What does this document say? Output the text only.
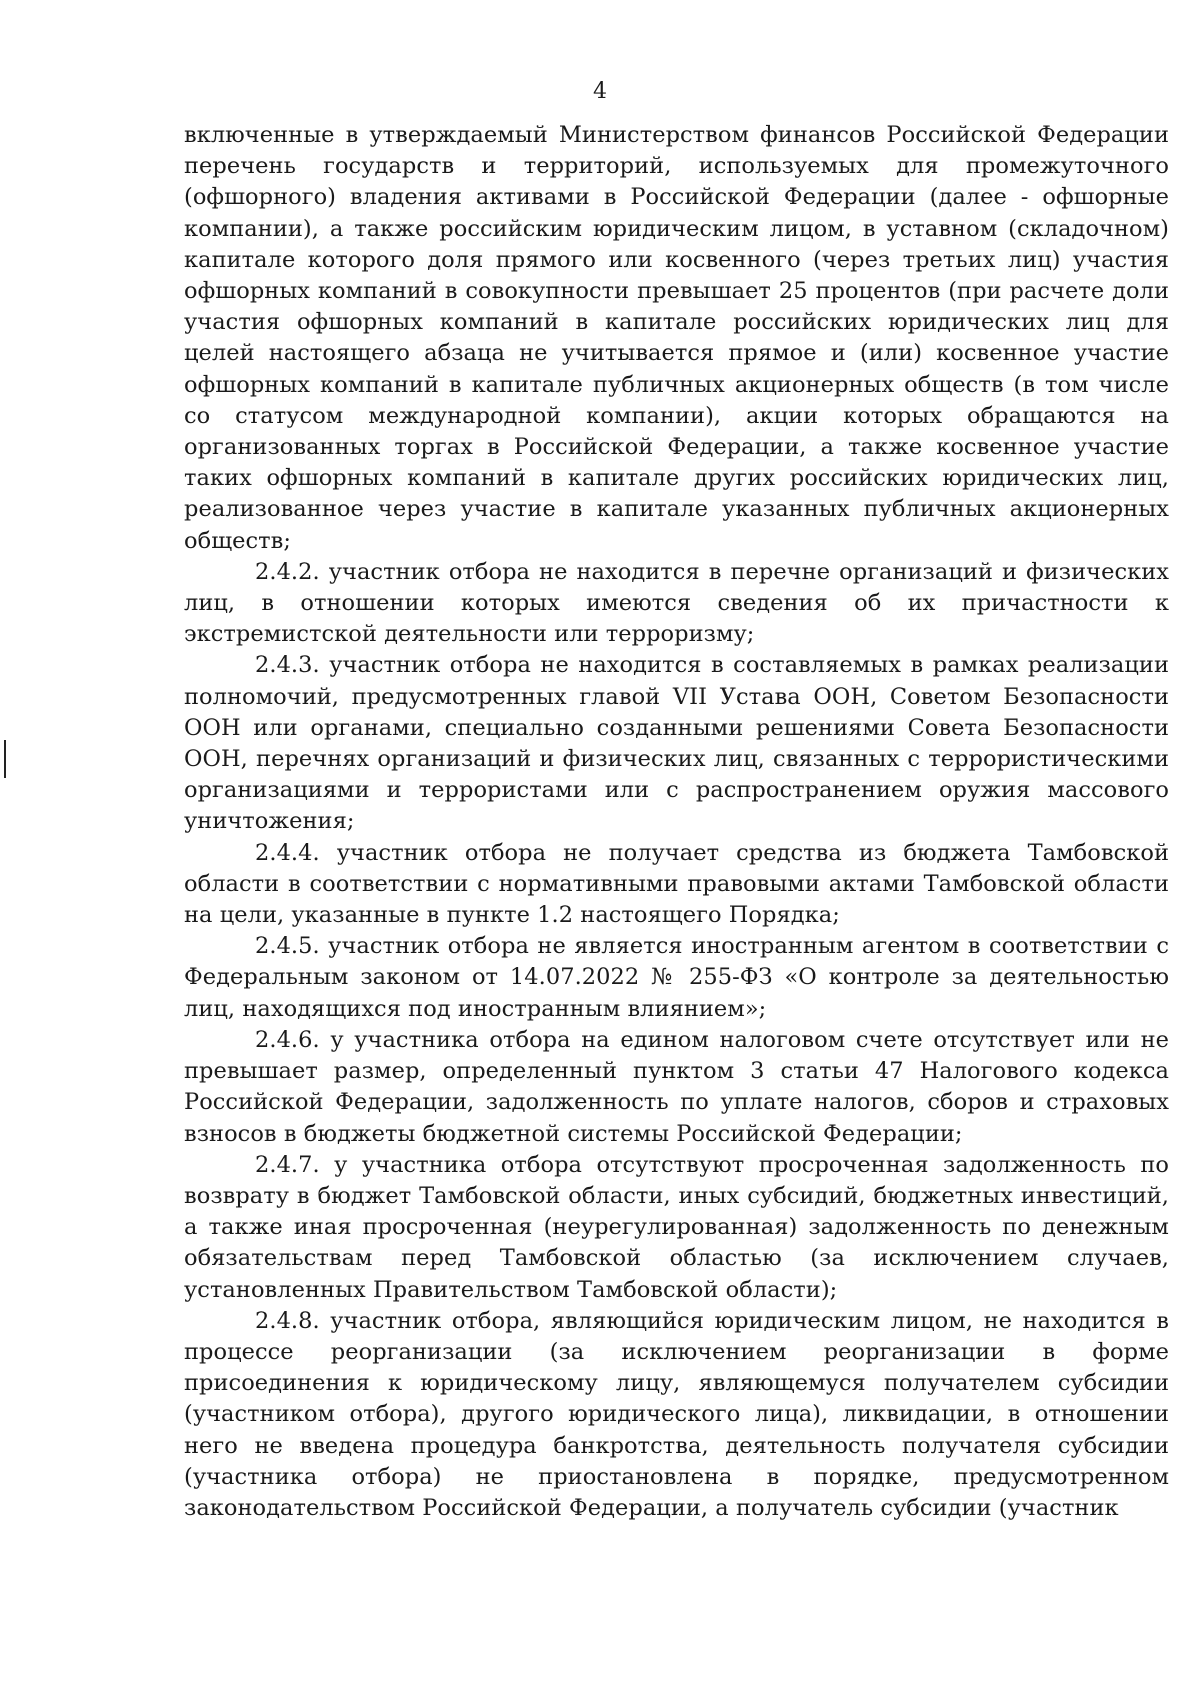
4

включенные в утверждаемый Министерством финансов Российской Федерации перечень государств и территорий, используемых для промежуточного (офшорного) владения активами в Российской Федерации (далее - офшорные компании), а также российским юридическим лицом, в уставном (складочном) капитале которого доля прямого или косвенного (через третьих лиц) участия офшорных компаний в совокупности превышает 25 процентов (при расчете доли участия офшорных компаний в капитале российских юридических лиц для целей настоящего абзаца не учитывается прямое и (или) косвенное участие офшорных компаний в капитале публичных акционерных обществ (в том числе со статусом международной компании), акции которых обращаются на организованных торгах в Российской Федерации, а также косвенное участие таких офшорных компаний в капитале других российских юридических лиц, реализованное через участие в капитале указанных публичных акционерных обществ;

2.4.2. участник отбора не находится в перечне организаций и физических лиц, в отношении которых имеются сведения об их причастности к экстремистской деятельности или терроризму;

2.4.3. участник отбора не находится в составляемых в рамках реализации полномочий, предусмотренных главой VII Устава ООН, Советом Безопасности ООН или органами, специально созданными решениями Совета Безопасности ООН, перечнях организаций и физических лиц, связанных с террористическими организациями и террористами или с распространением оружия массового уничтожения;

2.4.4. участник отбора не получает средства из бюджета Тамбовской области в соответствии с нормативными правовыми актами Тамбовской области на цели, указанные в пункте 1.2 настоящего Порядка;

2.4.5. участник отбора не является иностранным агентом в соответствии с Федеральным законом от 14.07.2022 № 255-ФЗ «О контроле за деятельностью лиц, находящихся под иностранным влиянием»;

2.4.6. у участника отбора на едином налоговом счете отсутствует или не превышает размер, определенный пунктом 3 статьи 47 Налогового кодекса Российской Федерации, задолженность по уплате налогов, сборов и страховых взносов в бюджеты бюджетной системы Российской Федерации;

2.4.7. у участника отбора отсутствуют просроченная задолженность по возврату в бюджет Тамбовской области, иных субсидий, бюджетных инвестиций, а также иная просроченная (неурегулированная) задолженность по денежным обязательствам перед Тамбовской областью (за исключением случаев, установленных Правительством Тамбовской области);

2.4.8. участник отбора, являющийся юридическим лицом, не находится в процессе реорганизации (за исключением реорганизации в форме присоединения к юридическому лицу, являющемуся получателем субсидии (участником отбора), другого юридического лица), ликвидации, в отношении него не введена процедура банкротства, деятельность получателя субсидии (участника отбора) не приостановлена в порядке, предусмотренном законодательством Российской Федерации, а получатель субсидии (участник
